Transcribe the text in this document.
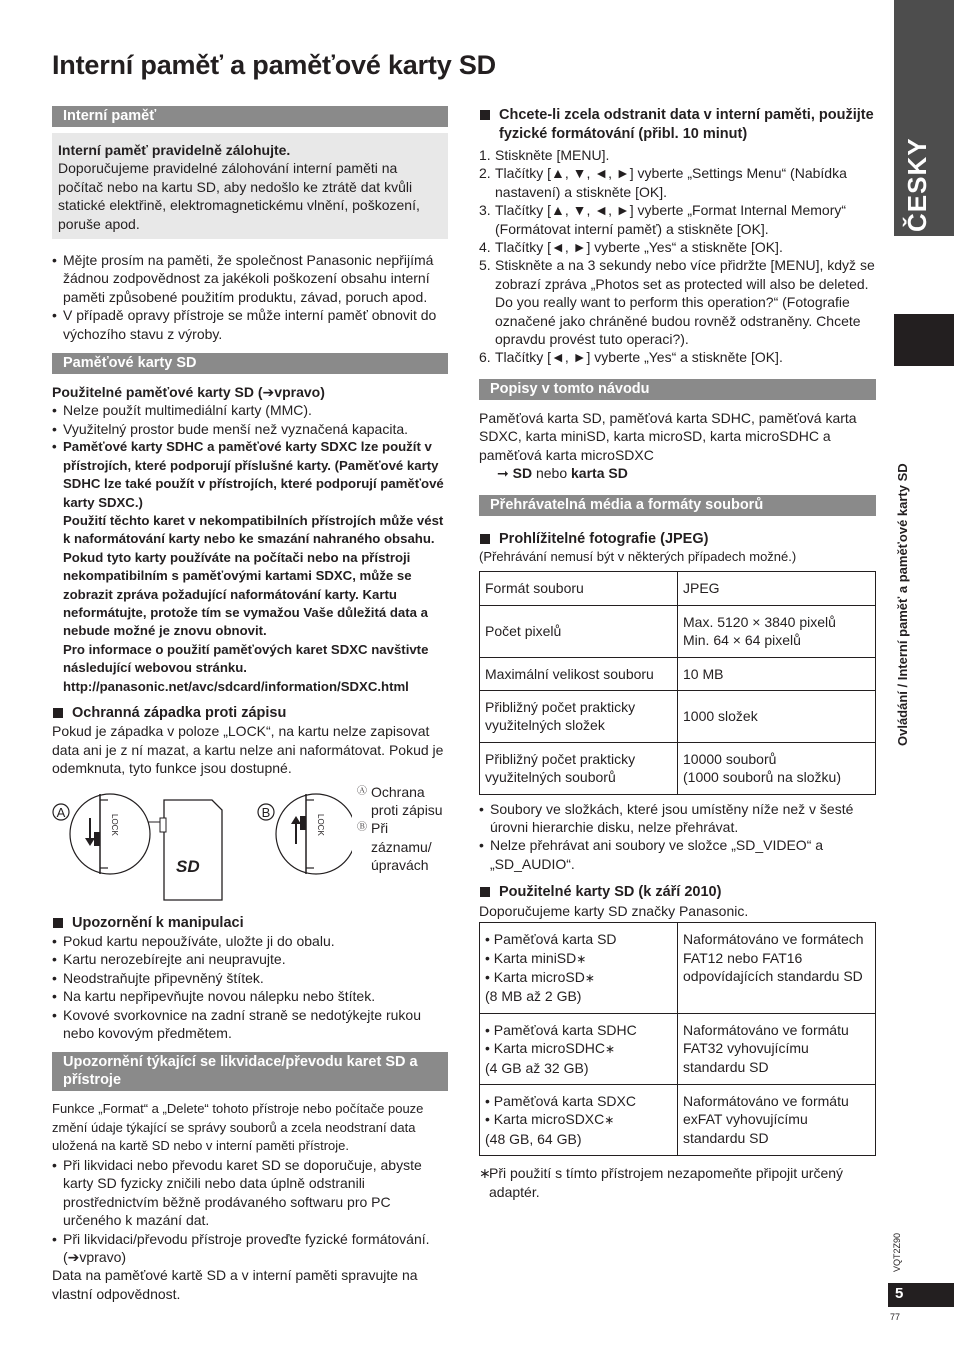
Interní paměť a paměťové karty SD
Interní paměť

Interní paměť pravidelně zálohujte.

Doporučujeme pravidelné zálohování interní paměti na počítač nebo na kartu SD, aby nedošlo ke ztrátě dat kvůli statické elektřině, elektromagnetickému vlnění, poškození, poruše apod.

• Mějte prosím na paměti, že společnost Panasonic nepřijímá žádnou zodpovědnost za jakékoli poškození obsahu interní paměti způsobené použitím produktu, závad, poruch apod.
• V případě opravy přístroje se může interní paměť obnovit do výchozího stavu z výroby.
Paměťové karty SD

Použitelné paměťové karty SD (➔vpravo)

• Nelze použít multimediální karty (MMC).
• Využitelný prostor bude menší než vyznačená kapacita.
• Paměťové karty SDHC a paměťové karty SDXC lze použít v přístrojích, které podporují příslušné karty. (Paměťové karty SDHC lze také použít v přístrojích, které podporují paměťové karty SDXC.)

Použití těchto karet v nekompatibilních přístrojích může vést k naformátování karty nebo ke smazání nahraného obsahu.

Pokud tyto karty používáte na počítači nebo na přístroji nekompatibilním s paměťovými kartami SDXC, může se zobrazit zpráva požadující naformátování karty. Kartu neformátujte, protože tím se vymažou Vaše důležitá data a nebude možné je znovu obnovit.

Pro informace o použití paměťových karet SDXC navštivte následující webovou stránku.

http://panasonic.net/avc/sdcard/information/SDXC.html

Ochranná západka proti zápisu

Pokud je západka v poloze „LOCK“, na kartu nelze zapisovat data ani je z ní mazat, a kartu nelze ani naformátovat. Pokud je odemknuta, tyto funkce jsou dostupné.

A
LOCK
SD
B
LOCK
Ⓐ Ochrana proti zápisu
Ⓑ Při záznamu/ úpravách
Upozornění k manipulaci
• Pokud kartu nepoužíváte, uložte ji do obalu.
• Kartu nerozebírejte ani neupravujte.
• Neodstraňujte připevněný štítek.
• Na kartu nepřipevňujte novou nálepku nebo štítek.
• Kovové svorkovnice na zadní straně se nedotýkejte rukou nebo kovovým předmětem.
Upozornění týkající se likvidace/převodu karet SD a přístroje

Funkce „Format“ a „Delete“ tohoto přístroje nebo počítače pouze změní údaje týkající se správy souborů a zcela neodstraní data uložená na kartě SD nebo v interní paměti přístroje.

• Při likvidaci nebo převodu karet SD se doporučuje, abyste karty SD fyzicky zničili nebo data úplně odstranili prostřednictvím běžně prodávaného softwaru pro PC určeného k mazání dat.
• Při likvidaci/převodu přístroje proveďte fyzické formátování. (➔vpravo)

Data na paměťové kartě SD a v interní paměti spravujte na vlastní odpovědnost.

Chcete-li zcela odstranit data v interní paměti, použijte fyzické formátování (přibl. 10 minut)
1. Stiskněte [MENU].
2. Tlačítky [▲, ▼, ◄, ►] vyberte „Settings Menu“ (Nabídka nastavení) a stiskněte [OK].
3. Tlačítky [▲, ▼, ◄, ►] vyberte „Format Internal Memory“ (Formátovat interní paměť) a stiskněte [OK].
4. Tlačítky [◄, ►] vyberte „Yes“ a stiskněte [OK].
5. Stiskněte a na 3 sekundy nebo více přidržte [MENU], když se zobrazí zpráva „Photos set as protected will also be deleted. Do you really want to perform this operation?“ (Fotografie označené jako chráněné budou rovněž odstraněny. Chcete opravdu provést tuto operaci?).
6. Tlačítky [◄, ►] vyberte „Yes“ a stiskněte [OK].
Popisy v tomto návodu

Paměťová karta SD, paměťová karta SDHC, paměťová karta SDXC, karta miniSD, karta microSD, karta microSDHC a paměťová karta microSDXC

➞ SD nebo karta SD

Přehrávatelná média a formáty souborů
Prohlížitelné fotografie (JPEG)

(Přehrávání nemusí být v některých případech možné.)

Formát souboru	JPEG
Počet pixelů	Max. 5120 × 3840 pixelů
Min. 64 × 64 pixelů

Maximální velikost souboru	10 MB
Přibližný počet prakticky využitelných složek	1000 složek
Přibližný počet prakticky využitelných souborů	10000 souborů
(1000 souborů na složku)
• Soubory ve složkách, které jsou umístěny níže než v šesté úrovni hierarchie disku, nelze přehrávat.
• Nelze přehrávat ani soubory ve složce „SD_VIDEO“ a „SD_AUDIO“.
Použitelné karty SD (k září 2010)

Doporučujeme karty SD značky Panasonic.

• Paměťová karta SD
• Karta miniSD∗
• Karta microSD∗
(8 MB až 2 GB)	Naformátováno ve formátech FAT12 nebo FAT16 odpovídajících standardu SD

• Paměťová karta SDHC
• Karta microSDHC∗
(4 GB až 32 GB)	Naformátováno ve formátu FAT32 vyhovujícímu standardu SD

• Paměťová karta SDXC
• Karta microSDXC∗
(48 GB, 64 GB)	Naformátováno ve formátu exFAT vyhovujícímu standardu SD
∗
Při použití s tímto přístrojem nezapomeňte připojit určený adaptér.
ČESKY
Ovládání / Interní paměť a paměťové karty SD
VQT2Z90
5
77
